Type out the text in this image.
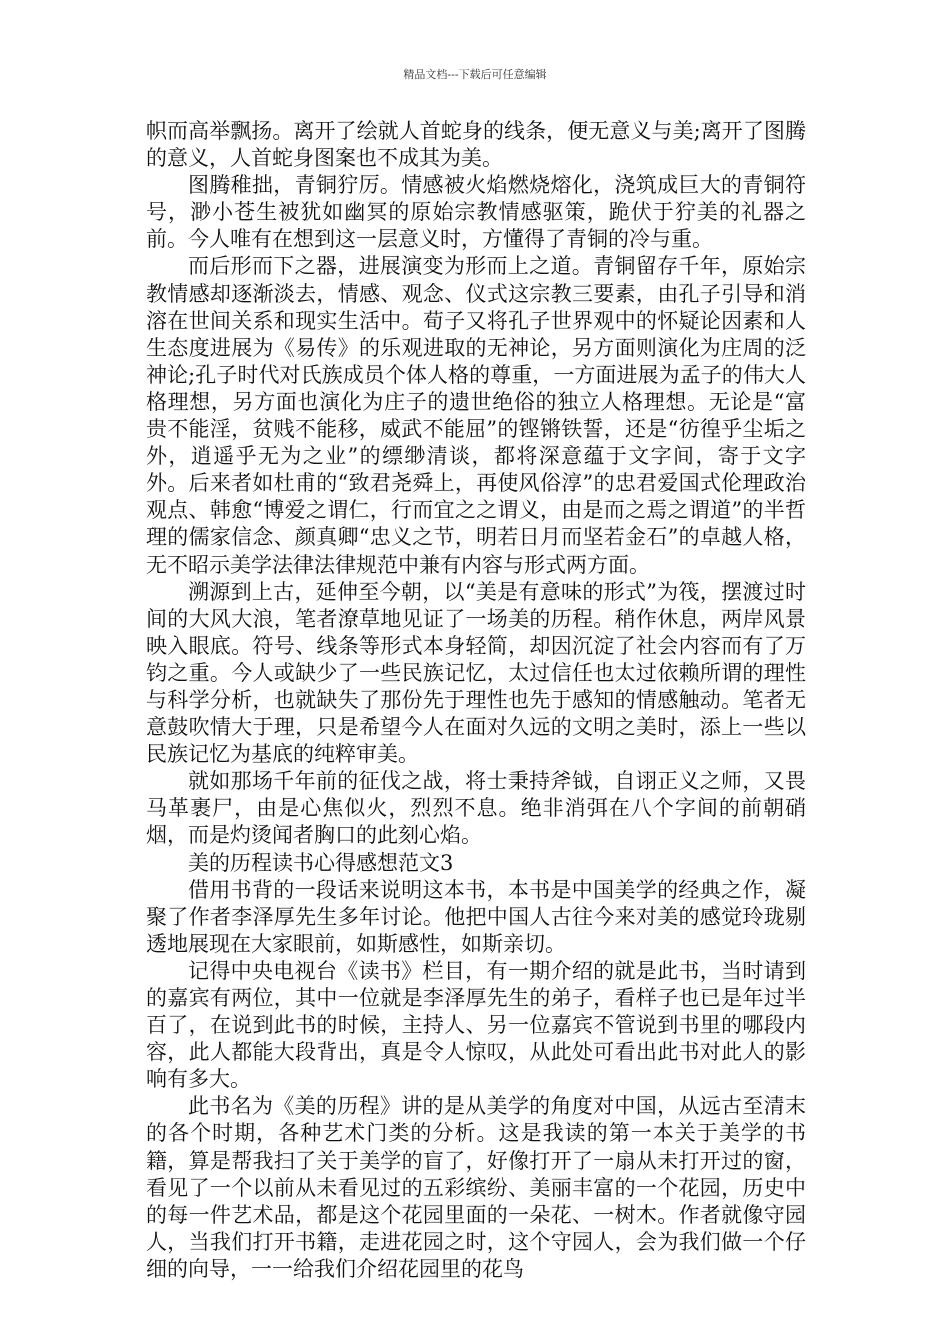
精品文档---下载后可任意编辑

帜而高举飘扬。离开了绘就人首蛇身的线条，便无意义与美;离开了图腾的意义，人首蛇身图案也不成其为美。

图腾稚拙，青铜狞厉。情感被火焰燃烧熔化，浇筑成巨大的青铜符号，渺小苍生被犹如幽冥的原始宗教情感驱策，跪伏于狞美的礼器之前。今人唯有在想到这一层意义时，方懂得了青铜的冷与重。

而后形而下之器，进展演变为形而上之道。青铜留存千年，原始宗教情感却逐渐淡去，情感、观念、仪式这宗教三要素，由孔子引导和消溶在世间关系和现实生活中。荀子又将孔子世界观中的怀疑论因素和人生态度进展为《易传》的乐观进取的无神论，另方面则演化为庄周的泛神论;孔子时代对氏族成员个体人格的尊重，一方面进展为孟子的伟大人格理想，另方面也演化为庄子的遗世绝俗的独立人格理想。无论是“富贵不能淫，贫贱不能移，威武不能屈”的铿锵铁誓，还是“彷徨乎尘垢之外，逍遥乎无为之业”的缥缈清谈，都将深意蕴于文字间，寄于文字外。后来者如杜甫的“致君尧舜上，再使风俗淳”的忠君爱国式伦理政治观点、韩愈“博爱之谓仁，行而宜之之谓义，由是而之焉之谓道”的半哲理的儒家信念、颜真卿“忠义之节，明若日月而坚若金石”的卓越人格，无不昭示美学法律法律规范中兼有内容与形式两方面。

溯源到上古，延伸至今朝，以“美是有意味的形式”为筏，摆渡过时间的大风大浪，笔者潦草地见证了一场美的历程。稍作休息，两岸风景映入眼底。符号、线条等形式本身轻简，却因沉淀了社会内容而有了万钧之重。今人或缺少了一些民族记忆，太过信任也太过依赖所谓的理性与科学分析，也就缺失了那份先于理性也先于感知的情感触动。笔者无意鼓吹情大于理，只是希望今人在面对久远的文明之美时，添上一些以民族记忆为基底的纯粹审美。

就如那场千年前的征伐之战，将士秉持斧钺，自诩正义之师，又畏马革裹尸，由是心焦似火，烈烈不息。绝非消弭在八个字间的前朝硝烟，而是灼烫闻者胸口的此刻心焰。

美的历程读书心得感想范文3

借用书背的一段话来说明这本书，本书是中国美学的经典之作，凝聚了作者李泽厚先生多年讨论。他把中国人古往今来对美的感觉玲珑剔透地展现在大家眼前，如斯感性，如斯亲切。

记得中央电视台《读书》栏目，有一期介绍的就是此书，当时请到的嘉宾有两位，其中一位就是李泽厚先生的弟子，看样子也已是年过半百了，在说到此书的时候，主持人、另一位嘉宾不管说到书里的哪段内容，此人都能大段背出，真是令人惊叹，从此处可看出此书对此人的影响有多大。

此书名为《美的历程》讲的是从美学的角度对中国，从远古至清末的各个时期，各种艺术门类的分析。这是我读的第一本关于美学的书籍，算是帮我扫了关于美学的盲了，好像打开了一扇从未打开过的窗，看见了一个以前从未看见过的五彩缤纷、美丽丰富的一个花园，历史中的每一件艺术品，都是这个花园里面的一朵花、一树木。作者就像守园人，当我们打开书籍，走进花园之时，这个守园人，会为我们做一个仔细的向导，一一给我们介绍花园里的花鸟
